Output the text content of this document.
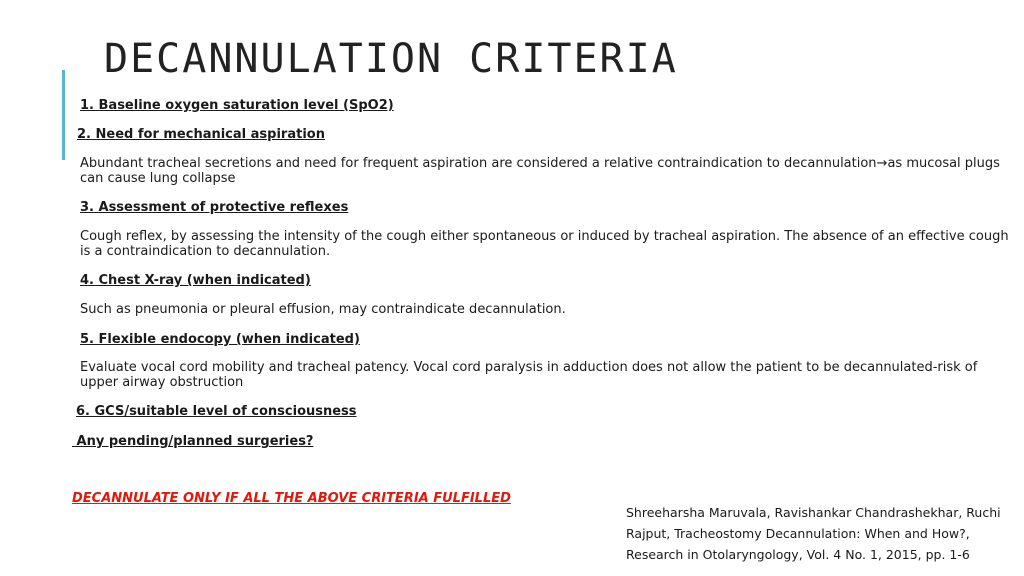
DECANNULATION CRITERIA
1. Baseline oxygen saturation level (SpO2)
2. Need for mechanical aspiration
Abundant tracheal secretions and need for frequent aspiration are considered a relative contraindication to decannulation→as mucosal plugs can cause lung collapse
3. Assessment of protective reflexes
Cough reflex, by assessing the intensity of the cough either spontaneous or induced by tracheal aspiration. The absence of an effective cough is a contraindication to decannulation.
4. Chest X-ray (when indicated)
Such as pneumonia or pleural effusion, may contraindicate decannulation.
5. Flexible endocopy (when indicated)
Evaluate vocal cord mobility and tracheal patency. Vocal cord paralysis in adduction does not allow the patient to be decannulated-risk of upper airway obstruction
6. GCS/suitable level of consciousness
Any pending/planned surgeries?
DECANNULATE ONLY IF ALL THE ABOVE CRITERIA FULFILLED
Shreeharsha Maruvala, Ravishankar Chandrashekhar, Ruchi Rajput, Tracheostomy Decannulation: When and How?, Research in Otolaryngology, Vol. 4 No. 1, 2015, pp. 1-6
